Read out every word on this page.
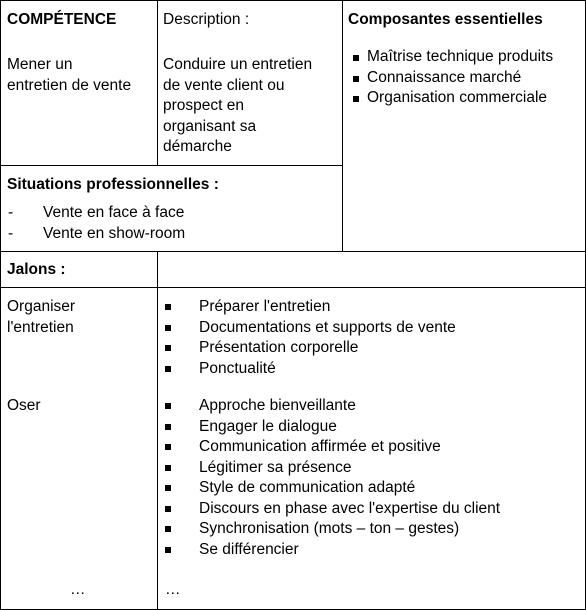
COMPÉTENCE
Mener un
entretien de vente
Description :
Conduire un entretien
de vente client ou
prospect en
organisant sa
démarche
Composantes essentielles
Maîtrise technique produits
Connaissance marché
Organisation commerciale
Situations professionnelles :
- Vente en face à face
- Vente en show-room
Jalons :
Organiser
l'entretien
Préparer l'entretien
Documentations et supports de vente
Présentation corporelle
Ponctualité
Oser	Approche bienveillante
Engager le dialogue
Communication affirmée et positive
Légitimer sa présence
Style de communication adapté
Discours en phase avec l'expertise du client
Synchronisation (mots – ton – gestes)
Se différencier
…	…
